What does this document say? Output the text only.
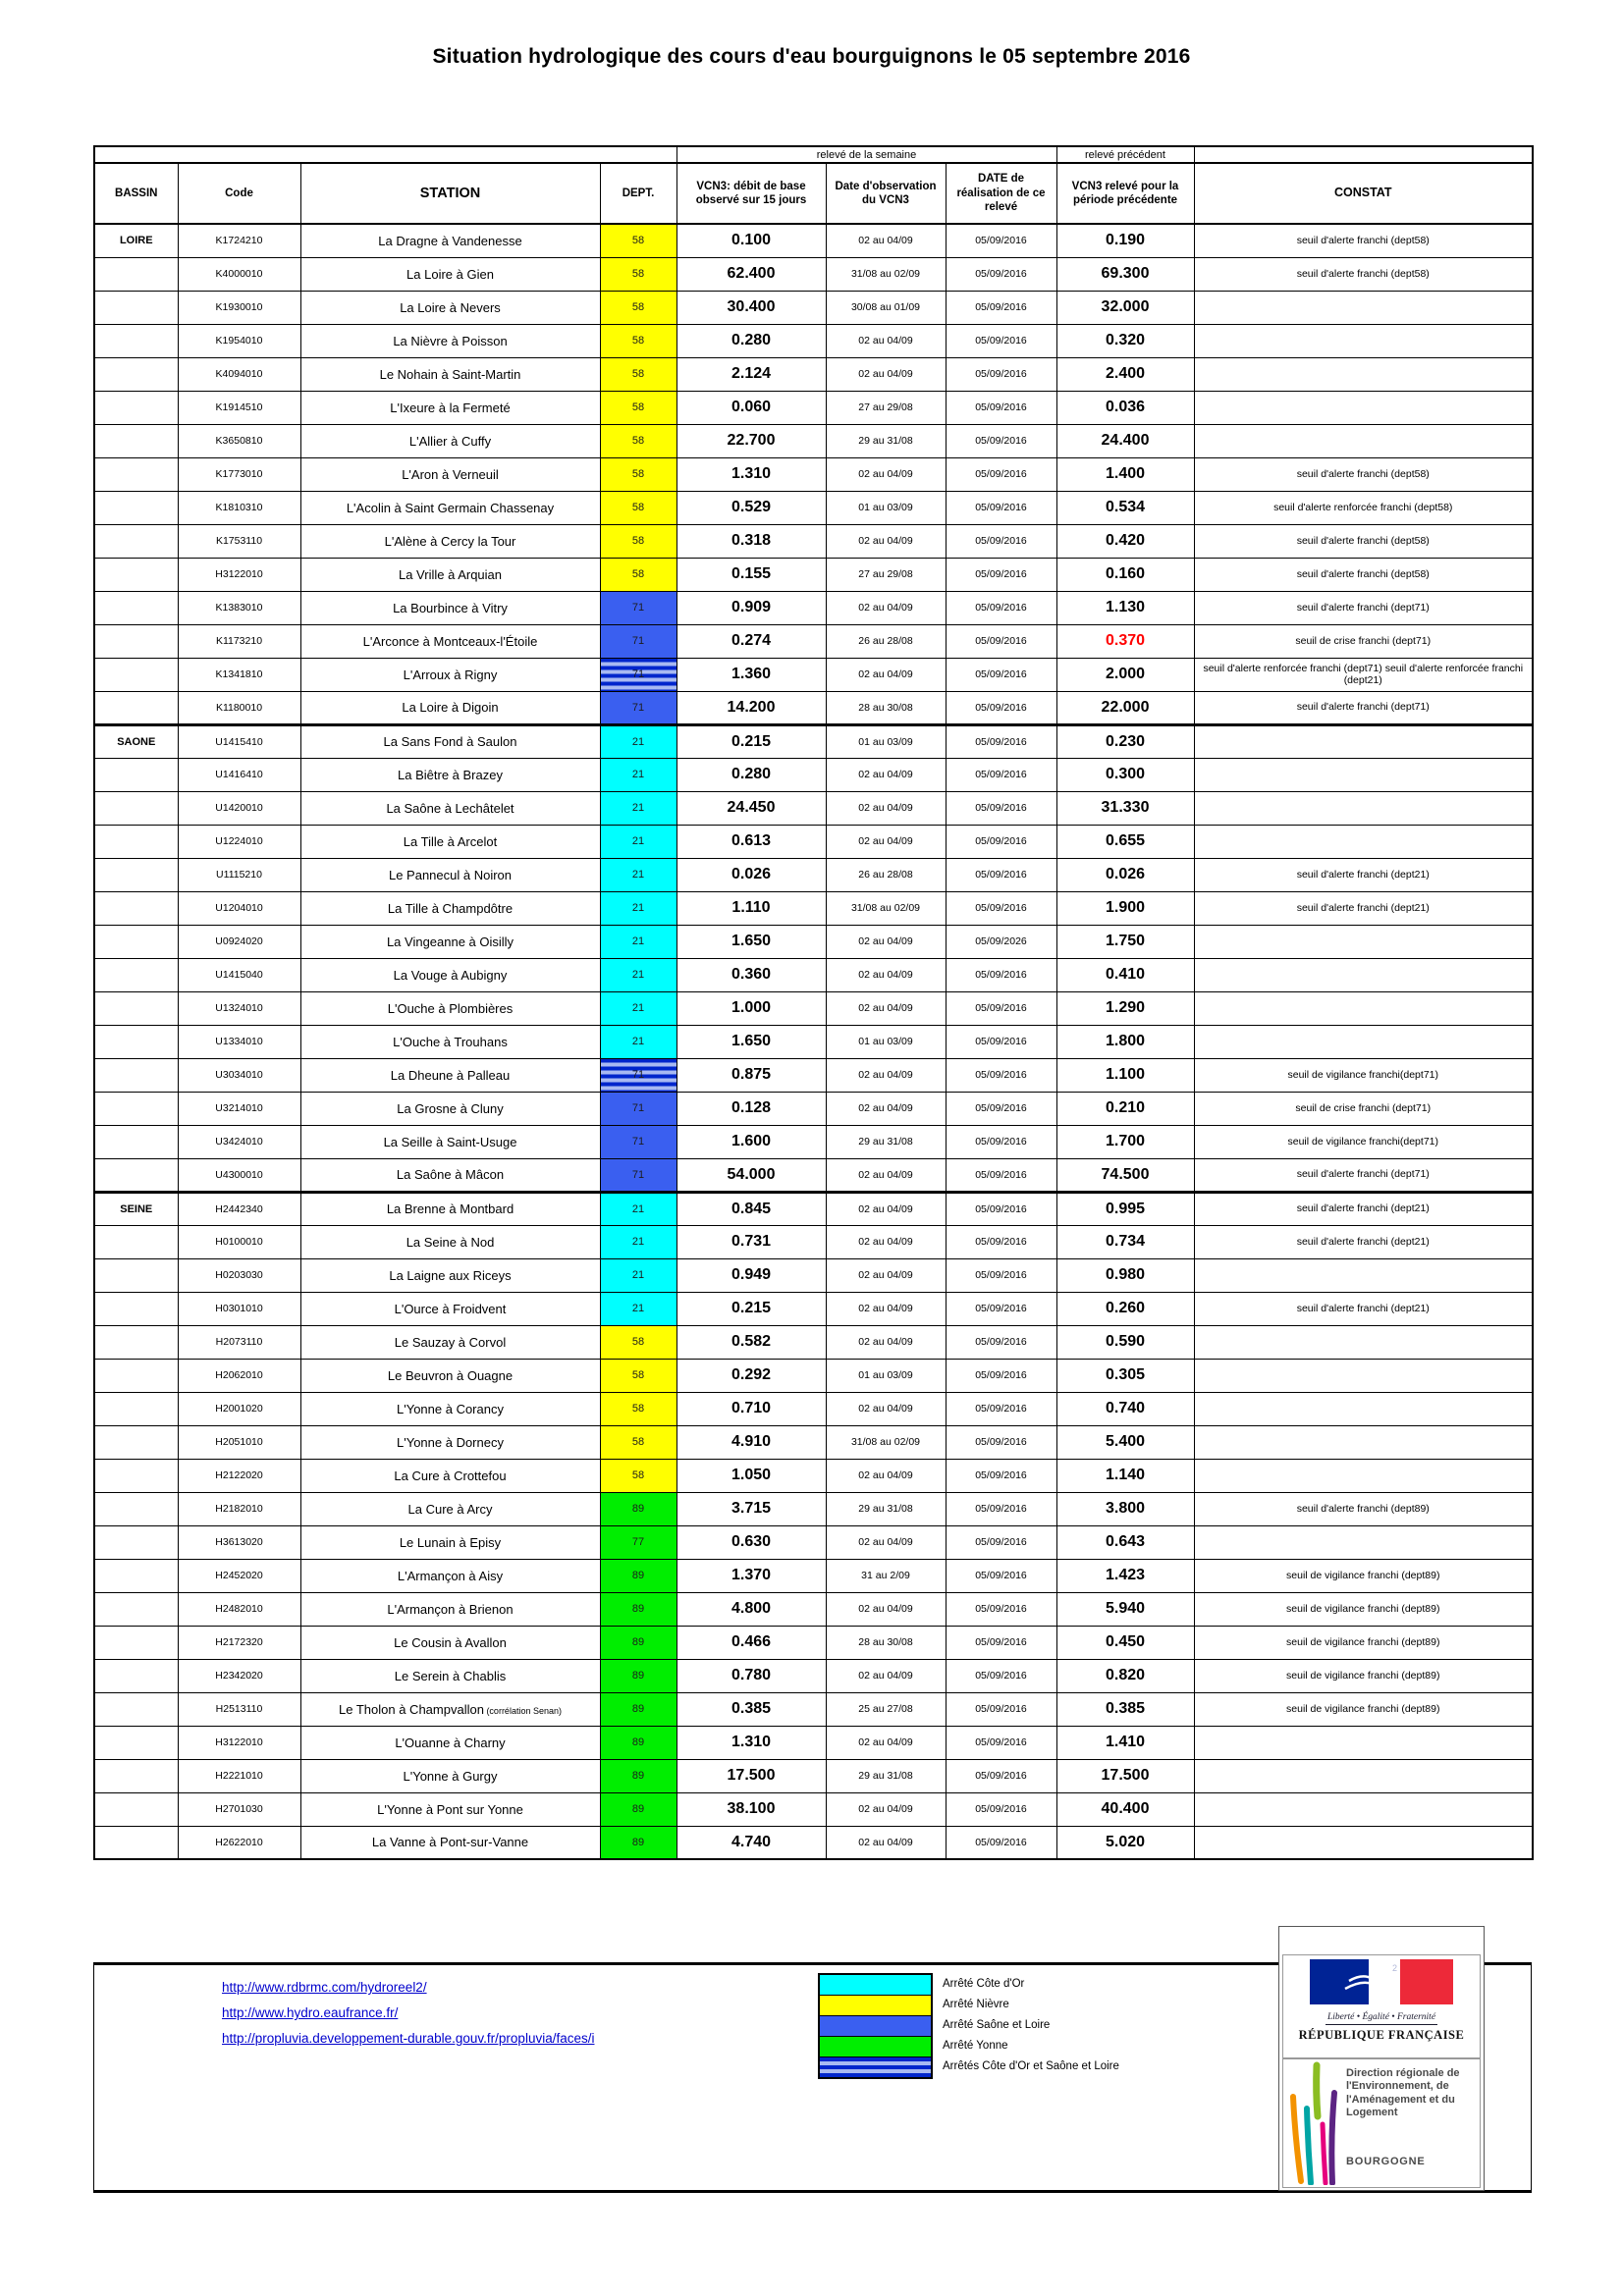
Situation hydrologique des cours d'eau bourguignons le 05 septembre 2016
				relevé de la semaine			relevé précédent	
BASSIN	Code	STATION	DEPT.	VCN3: débit de base observé sur 15 jours	Date d'observation du VCN3	DATE de réalisation de ce relevé	VCN3 relevé pour la période précédente	CONSTAT
LOIRE	K1724210	La Dragne à Vandenesse	58	0.100	02 au 04/09	05/09/2016	0.190	seuil d'alerte franchi (dept58)
	K4000010	La Loire à Gien	58	62.400	31/08 au 02/09	05/09/2016	69.300	seuil d'alerte franchi (dept58)
	K1930010	La Loire à Nevers	58	30.400	30/08 au 01/09	05/09/2016	32.000	
	K1954010	La Nièvre à Poisson	58	0.280	02 au 04/09	05/09/2016	0.320	
	K4094010	Le Nohain à Saint-Martin	58	2.124	02 au 04/09	05/09/2016	2.400	
	K1914510	L'Ixeure à la Fermeté	58	0.060	27 au 29/08	05/09/2016	0.036	
	K3650810	L'Allier à Cuffy	58	22.700	29 au 31/08	05/09/2016	24.400	
	K1773010	L'Aron à Verneuil	58	1.310	02 au 04/09	05/09/2016	1.400	seuil d'alerte franchi (dept58)
	K1810310	L'Acolin à Saint Germain Chassenay	58	0.529	01 au 03/09	05/09/2016	0.534	seuil d'alerte renforcée franchi (dept58)
	K1753110	L'Alène à Cercy la Tour	58	0.318	02 au 04/09	05/09/2016	0.420	seuil d'alerte franchi (dept58)
	H3122010	La Vrille à Arquian	58	0.155	27 au 29/08	05/09/2016	0.160	seuil d'alerte franchi (dept58)
	K1383010	La Bourbince à Vitry	71	0.909	02 au 04/09	05/09/2016	1.130	seuil d'alerte franchi (dept71)
	K1173210	L'Arconce à Montceaux-l'Étoile	71	0.274	26 au 28/08	05/09/2016	0.370	seuil de crise franchi (dept71)
	K1341810	L'Arroux à Rigny	71	1.360	02 au 04/09	05/09/2016	2.000	seuil d'alerte renforcée franchi (dept71) seuil d'alerte renforcée franchi (dept21)
	K1180010	La Loire à Digoin	71	14.200	28 au 30/08	05/09/2016	22.000	seuil d'alerte franchi (dept71)
SAONE	U1415410	La Sans Fond à Saulon	21	0.215	01 au 03/09	05/09/2016	0.230	
	U1416410	La Biêtre à Brazey	21	0.280	02 au 04/09	05/09/2016	0.300	
	U1420010	La Saône à Lechâtelet	21	24.450	02 au 04/09	05/09/2016	31.330	
	U1224010	La Tille à Arcelot	21	0.613	02 au 04/09	05/09/2016	0.655	
	U1115210	Le Pannecul à Noiron	21	0.026	26 au 28/08	05/09/2016	0.026	seuil d'alerte franchi (dept21)
	U1204010	La Tille à Champdôtre	21	1.110	31/08 au 02/09	05/09/2016	1.900	seuil d'alerte franchi (dept21)
	U0924020	La Vingeanne à Oisilly	21	1.650	02 au 04/09	05/09/2026	1.750	
	U1415040	La Vouge à Aubigny	21	0.360	02 au 04/09	05/09/2016	0.410	
	U1324010	L'Ouche à Plombières	21	1.000	02 au 04/09	05/09/2016	1.290	
	U1334010	L'Ouche à Trouhans	21	1.650	01 au 03/09	05/09/2016	1.800	
	U3034010	La Dheune à Palleau	71	0.875	02 au 04/09	05/09/2016	1.100	seuil de vigilance franchi(dept71)
	U3214010	La Grosne à Cluny	71	0.128	02 au 04/09	05/09/2016	0.210	seuil de crise franchi (dept71)
	U3424010	La Seille à Saint-Usuge	71	1.600	29 au 31/08	05/09/2016	1.700	seuil de vigilance franchi(dept71)
	U4300010	La Saône à Mâcon	71	54.000	02 au 04/09	05/09/2016	74.500	seuil d'alerte franchi (dept71)
SEINE	H2442340	La Brenne à Montbard	21	0.845	02 au 04/09	05/09/2016	0.995	seuil d'alerte franchi (dept21)
	H0100010	La Seine à Nod	21	0.731	02 au 04/09	05/09/2016	0.734	seuil d'alerte franchi (dept21)
	H0203030	La Laigne aux Riceys	21	0.949	02 au 04/09	05/09/2016	0.980	
	H0301010	L'Ource à Froidvent	21	0.215	02 au 04/09	05/09/2016	0.260	seuil d'alerte franchi (dept21)
	H2073110	Le Sauzay à Corvol	58	0.582	02 au 04/09	05/09/2016	0.590	
	H2062010	Le Beuvron à Ouagne	58	0.292	01 au 03/09	05/09/2016	0.305	
	H2001020	L'Yonne à Corancy	58	0.710	02 au 04/09	05/09/2016	0.740	
	H2051010	L'Yonne à Dornecy	58	4.910	31/08 au 02/09	05/09/2016	5.400	
	H2122020	La Cure à Crottefou	58	1.050	02 au 04/09	05/09/2016	1.140	
	H2182010	La Cure à Arcy	89	3.715	29 au 31/08	05/09/2016	3.800	seuil d'alerte franchi (dept89)
	H3613020	Le Lunain à Episy	77	0.630	02 au 04/09	05/09/2016	0.643	
	H2452020	L'Armançon à Aisy	89	1.370	31 au 2/09	05/09/2016	1.423	seuil de vigilance franchi (dept89)
	H2482010	L'Armançon à Brienon	89	4.800	02 au 04/09	05/09/2016	5.940	seuil de vigilance franchi (dept89)
	H2172320	Le Cousin à Avallon	89	0.466	28 au 30/08	05/09/2016	0.450	seuil de vigilance franchi (dept89)
	H2342020	Le Serein à Chablis	89	0.780	02 au 04/09	05/09/2016	0.820	seuil de vigilance franchi (dept89)
	H2513110	Le Tholon à Champvallon (corrélation Senan)	89	0.385	25 au 27/08	05/09/2016	0.385	seuil de vigilance franchi (dept89)
	H3122010	L'Ouanne à Charny	89	1.310	02 au 04/09	05/09/2016	1.410	
	H2221010	L'Yonne à Gurgy	89	17.500	29 au 31/08	05/09/2016	17.500	
	H2701030	L'Yonne à Pont sur Yonne	89	38.100	02 au 04/09	05/09/2016	40.400	
	H2622010	La Vanne à Pont-sur-Vanne	89	4.740	02 au 04/09	05/09/2016	5.020	
http://www.rdbrmc.com/hydroreel2/
http://www.hydro.eaufrance.fr/
http://propluvia.developpement-durable.gouv.fr/propluvia/faces/i
Arrêté Côte d'Or
Arrêté Nièvre
Arrêté Saône et Loire
Arrêté Yonne
Arrêtés Côte d'Or et Saône et Loire
2
Liberté • Égalité • Fraternité
RÉPUBLIQUE FRANÇAISE
Direction régionale de l'Environnement, de l'Aménagement et du Logement
BOURGOGNE
